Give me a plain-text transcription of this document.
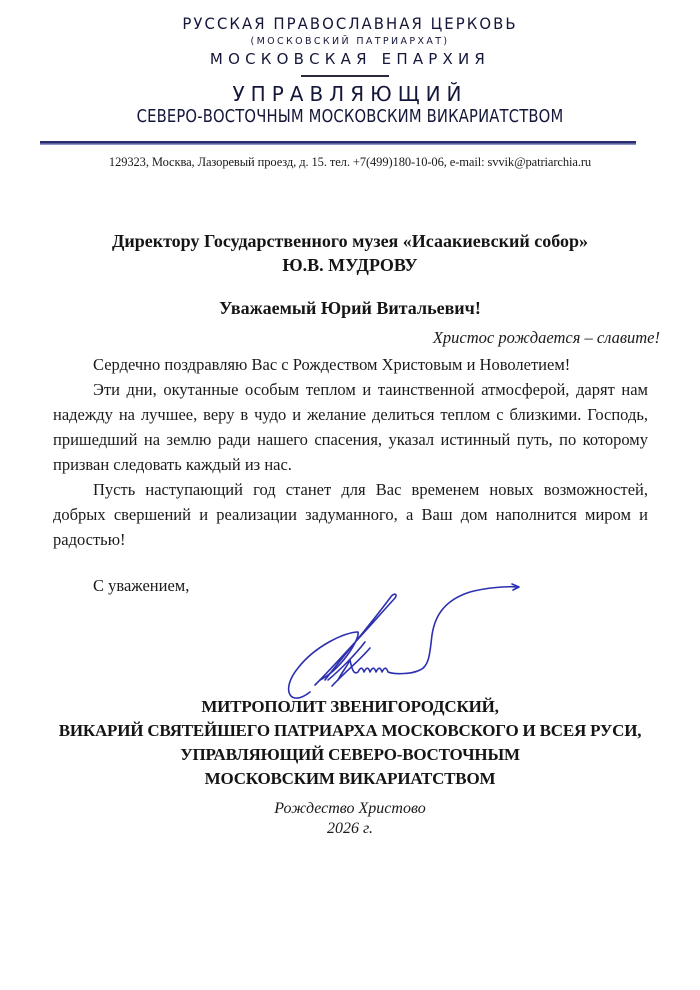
РУССКАЯ ПРАВОСЛАВНАЯ ЦЕРКОВЬ
(МОСКОВСКИЙ ПАТРИАРХАТ)
МОСКОВСКАЯ ЕПАРХИЯ
УПРАВЛЯЮЩИЙ
СЕВЕРО-ВОСТОЧНЫМ МОСКОВСКИМ ВИКАРИАТСТВОМ
129323, Москва, Лазоревый проезд, д. 15. тел. +7(499)180-10-06, e-mail: svvik@patriarchia.ru
Директору Государственного музея «Исаакиевский собор»
Ю.В. МУДРОВУ
Уважаемый Юрий Витальевич!
Христос рождается – славите!

Сердечно поздравляю Вас с Рождеством Христовым и Новолетием!

Эти дни, окутанные особым теплом и таинственной атмосферой, дарят нам надежду на лучшее, веру в чудо и желание делиться теплом с близкими. Господь, пришедший на землю ради нашего спасения, указал истинный путь, по которому призван следовать каждый из нас.

Пусть наступающий год станет для Вас временем новых возможностей, добрых свершений и реализации задуманного, а Ваш дом наполнится миром и радостью!

С уважением,
МИТРОПОЛИТ ЗВЕНИГОРОДСКИЙ,
ВИКАРИЙ СВЯТЕЙШЕГО ПАТРИАРХА МОСКОВСКОГО И ВСЕЯ РУСИ,
УПРАВЛЯЮЩИЙ СЕВЕРО-ВОСТОЧНЫМ
МОСКОВСКИМ ВИКАРИАТСТВОМ
Рождество Христово
2026 г.
